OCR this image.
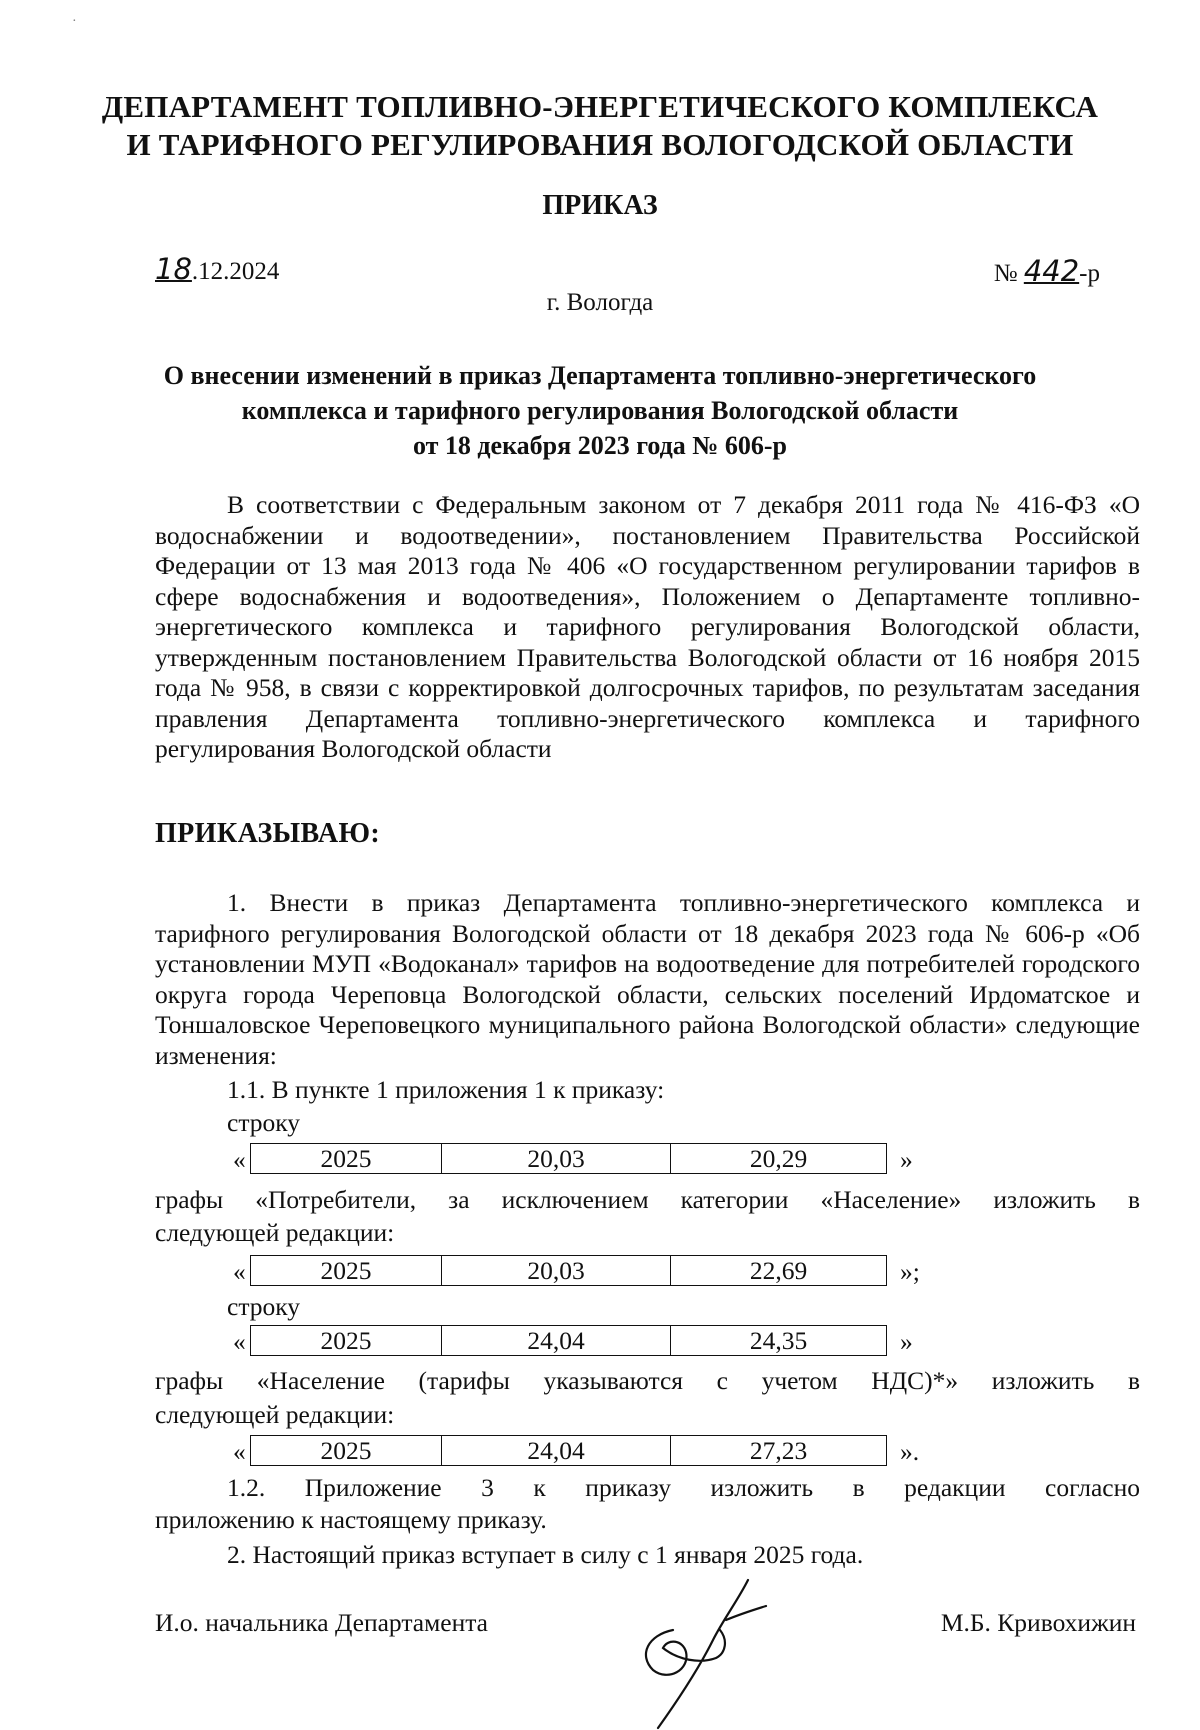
·
ДЕПАРТАМЕНТ ТОПЛИВНО-ЭНЕРГЕТИЧЕСКОГО КОМПЛЕКСА
И ТАРИФНОГО РЕГУЛИРОВАНИЯ ВОЛОГОДСКОЙ ОБЛАСТИ
ПРИКАЗ
18.12.2024	№ 442-р
г. Вологда
О внесении изменений в приказ Департамента топливно-энергетического
комплекса и тарифного регулирования Вологодской области
от 18 декабря 2023 года № 606-р

В соответствии с Федеральным законом от 7 декабря 2011 года № 416-ФЗ «О водоснабжении и водоотведении», постановлением Правительства Российской Федерации от 13 мая 2013 года № 406 «О государственном регулировании тарифов в сфере водоснабжения и водоотведения», Положением о Департаменте топливно-энергетического комплекса и тарифного регулирования Вологодской области, утвержденным постановлением Правительства Вологодской области от 16 ноября 2015 года № 958, в связи с корректировкой долгосрочных тарифов, по результатам заседания правления Департамента топливно-энергетического комплекса и тарифного регулирования Вологодской области

ПРИКАЗЫВАЮ:

1. Внести в приказ Департамента топливно-энергетического комплекса и тарифного регулирования Вологодской области от 18 декабря 2023 года № 606-р «Об установлении МУП «Водоканал» тарифов на водоотведение для потребителей городского округа города Череповца Вологодской области, сельских поселений Ирдоматское и Тоншаловское Череповецкого муниципального района Вологодской области» следующие изменения:

1.1. В пункте 1 приложения 1 к приказу:
строку
«	2025	20,03	20,29	»
графы «Потребители, за исключением категории «Население» изложить в
следующей редакции:
«	2025	20,03	22,69	»;
строку
«	2025	24,04	24,35	»
графы «Население (тарифы указываются с учетом НДС)*» изложить в
следующей редакции:
«	2025	24,04	27,23	».
1.2. Приложение 3 к приказу изложить в редакции согласно
приложению к настоящему приказу.
2. Настоящий приказ вступает в силу с 1 января 2025 года.
И.о. начальника Департамента	М.Б. Кривохижин
